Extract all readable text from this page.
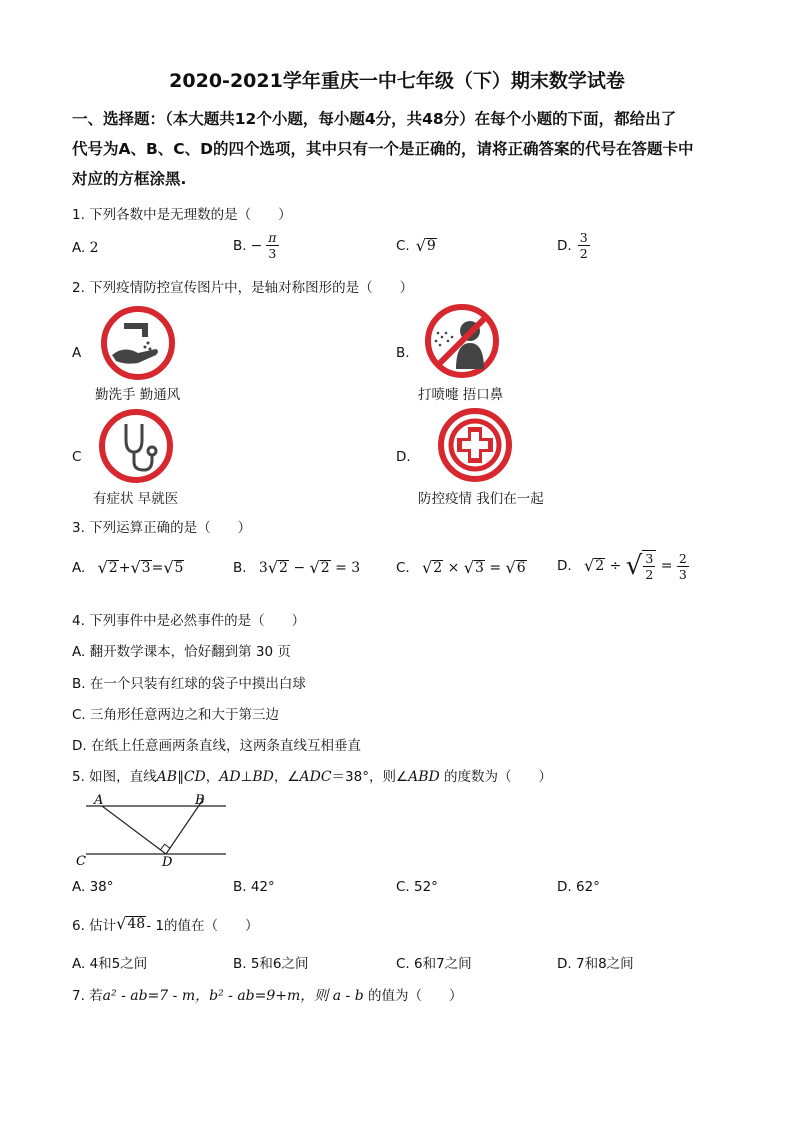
2020-2021学年重庆一中七年级（下）期末数学试卷
一、选择题：（本大题共12个小题，每小题4分，共48分）在每个小题的下面，都给出了
代号为A、B、C、D的四个选项，其中只有一个是正确的，请将正确答案的代号在答题卡中
对应的方框涂黑.
1. 下列各数中是无理数的是（　　）
A. 2	B. − $\frac{\pi}{3}$	C. √ 9	D. $\frac{3}{2}$
2. 下列疫情防控宣传图片中，是轴对称图形的是（　　）
A
勤洗手 勤通风
B.
打喷嚏 捂口鼻
C
有症状 早就医
D.
防控疫情 我们在一起
3. 下列运算正确的是（　　）
A.
√ 2 + √ 3 = √ 5	B.
3 √ 2 − √ 2 = 3	C.
√ 2 × √ 3 = √ 6 D.
√ 2 ÷ √ $\frac{3}{2} = \frac{2}{3}$
4. 下列事件中是必然事件的是（　　）
A. 翻开数学课本，恰好翻到第 30 页
B. 在一个只装有红球的袋子中摸出白球
C. 三角形任意两边之和大于第三边
D. 在纸上任意画两条直线，这两条直线互相垂直
5. 如图，直线AB∥CD，AD⊥BD，∠ADC＝38°，则∠ABD 的度数为（　　）
A	B
C	D
A. 38°	B. 42°	C. 52°	D. 62°
6. 估计 √ 48 - 1的值在（　　）
A. 4和5之间	B. 5和6之间	C. 6和7之间	D. 7和8之间
7. 若a² - ab=7 - m，b² - ab=9+m，则 a - b 的值为（　　）
